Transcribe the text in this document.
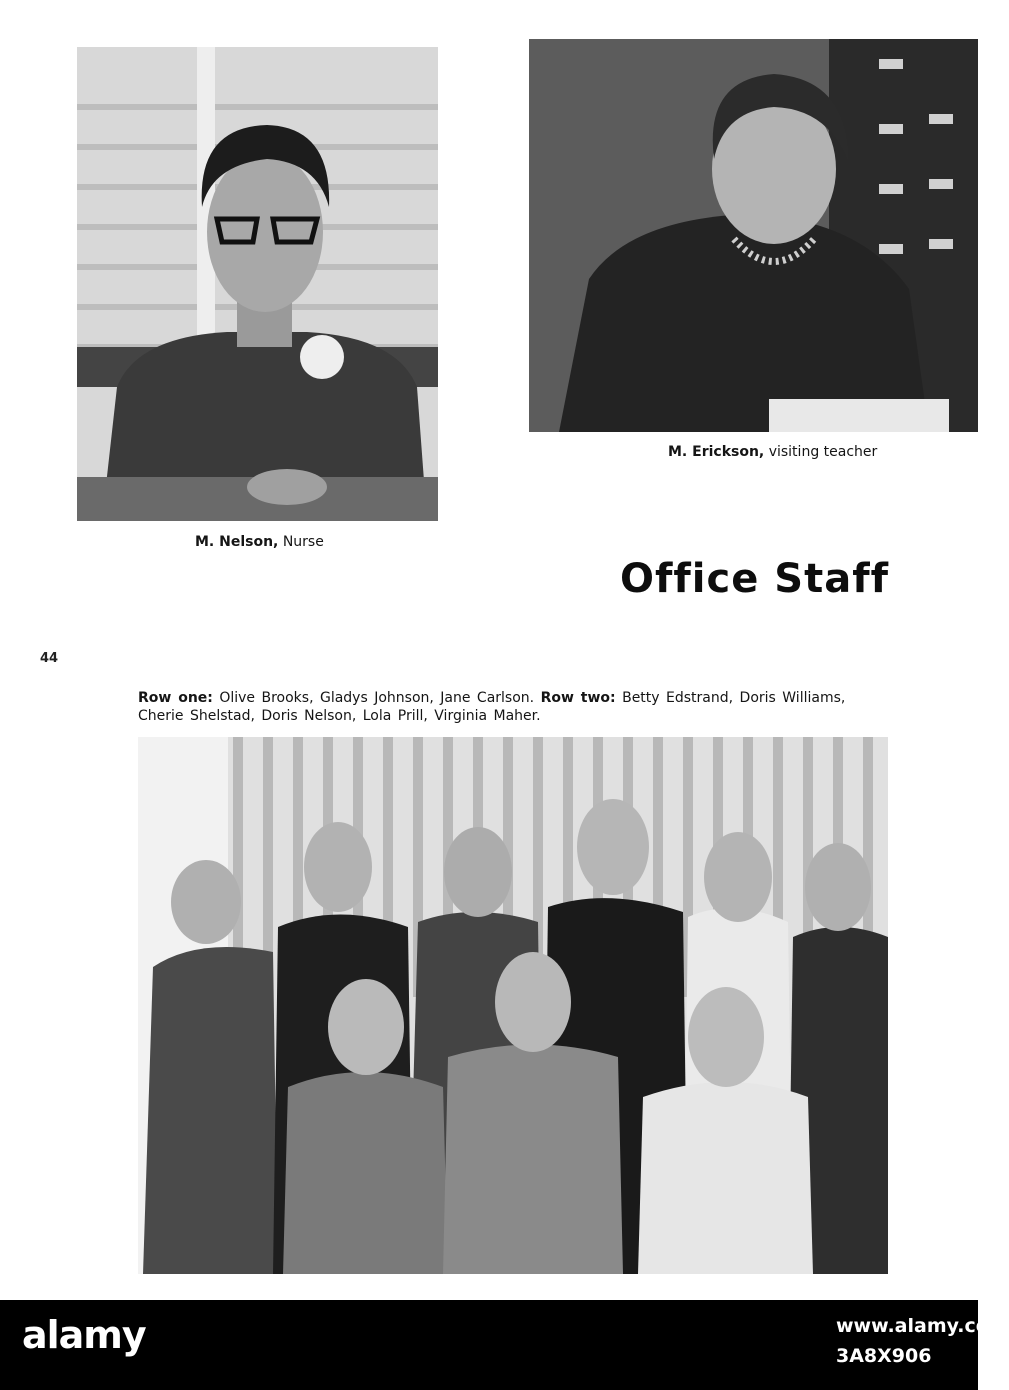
M. Nelson, Nurse
M. Erickson, visiting teacher
Office Staff
44
Row one: Olive Brooks, Gladys Johnson, Jane Carlson. Row two: Betty Edstrand, Doris Williams, Cherie Shelstad, Doris Nelson, Lola Prill, Virginia Maher.
alamy	www.alamy.com
3A8X906
